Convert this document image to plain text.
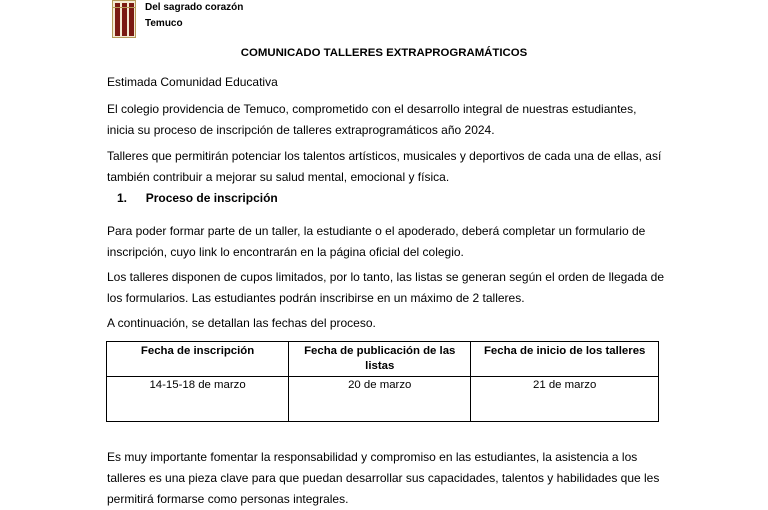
Del sagrado corazón
Temuco
COMUNICADO TALLERES EXTRAPROGRAMÁTICOS
Estimada Comunidad Educativa
El colegio providencia de Temuco, comprometido con el desarrollo integral de nuestras estudiantes, inicia su proceso de inscripción de talleres extraprogramáticos año 2024.
Talleres que permitirán potenciar los talentos artísticos, musicales y deportivos de cada una de ellas, así también contribuir a mejorar su salud mental, emocional y física.
1. Proceso de inscripción
Para poder formar parte de un taller, la estudiante o el apoderado, deberá completar un formulario de inscripción, cuyo link lo encontrarán en la página oficial del colegio.
Los talleres disponen de cupos limitados, por lo tanto, las listas se generan según el orden de llegada de los formularios. Las estudiantes podrán inscribirse en un máximo de 2 talleres.
A continuación, se detallan las fechas del proceso.
Fecha de inscripción	Fecha de publicación de las listas	Fecha de inicio de los talleres
14-15-18 de marzo	20 de marzo	21 de marzo
Es muy importante fomentar la responsabilidad y compromiso en las estudiantes, la asistencia a los talleres es una pieza clave para que puedan desarrollar sus capacidades, talentos y habilidades que les permitirá formarse como personas integrales.
